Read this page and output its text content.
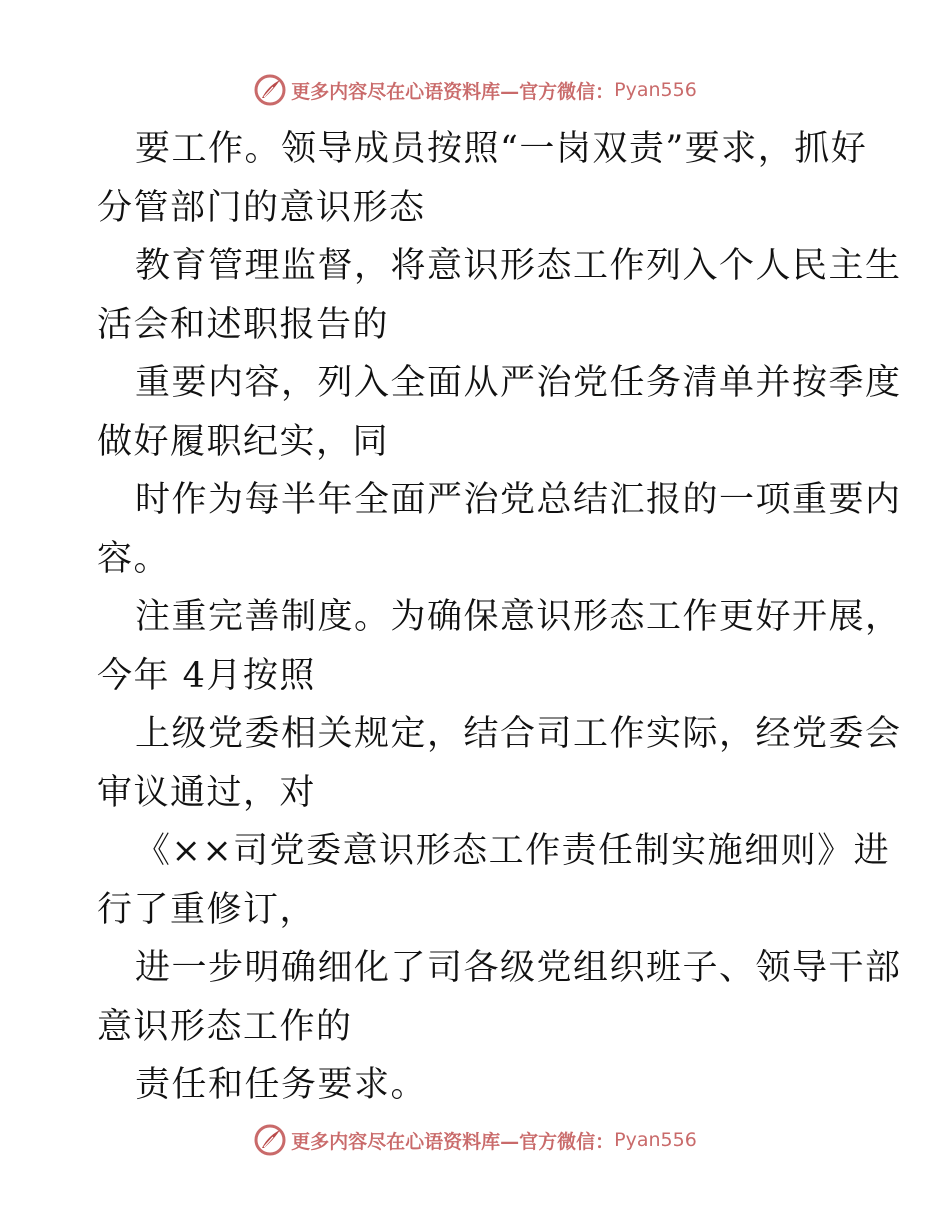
更多内容尽在心语资料库—官方微信： Pyan556

要工作。领导成员按照“一岗双责”要求，抓好
分管部门的意识形态

教育管理监督，将意识形态工作列入个人民主生
活会和述职报告的

重要内容，列入全面从严治党任务清单并按季度
做好履职纪实，同

时作为每半年全面严治党总结汇报的一项重要内
容。

注重完善制度。为确保意识形态工作更好开展，
今年 4月按照

上级党委相关规定，结合司工作实际，经党委会
审议通过，对

《××司党委意识形态工作责任制实施细则》进
行了重修订，

进一步明确细化了司各级党组织班子、领导干部
意识形态工作的

责任和任务要求。

更多内容尽在心语资料库—官方微信： Pyan556
